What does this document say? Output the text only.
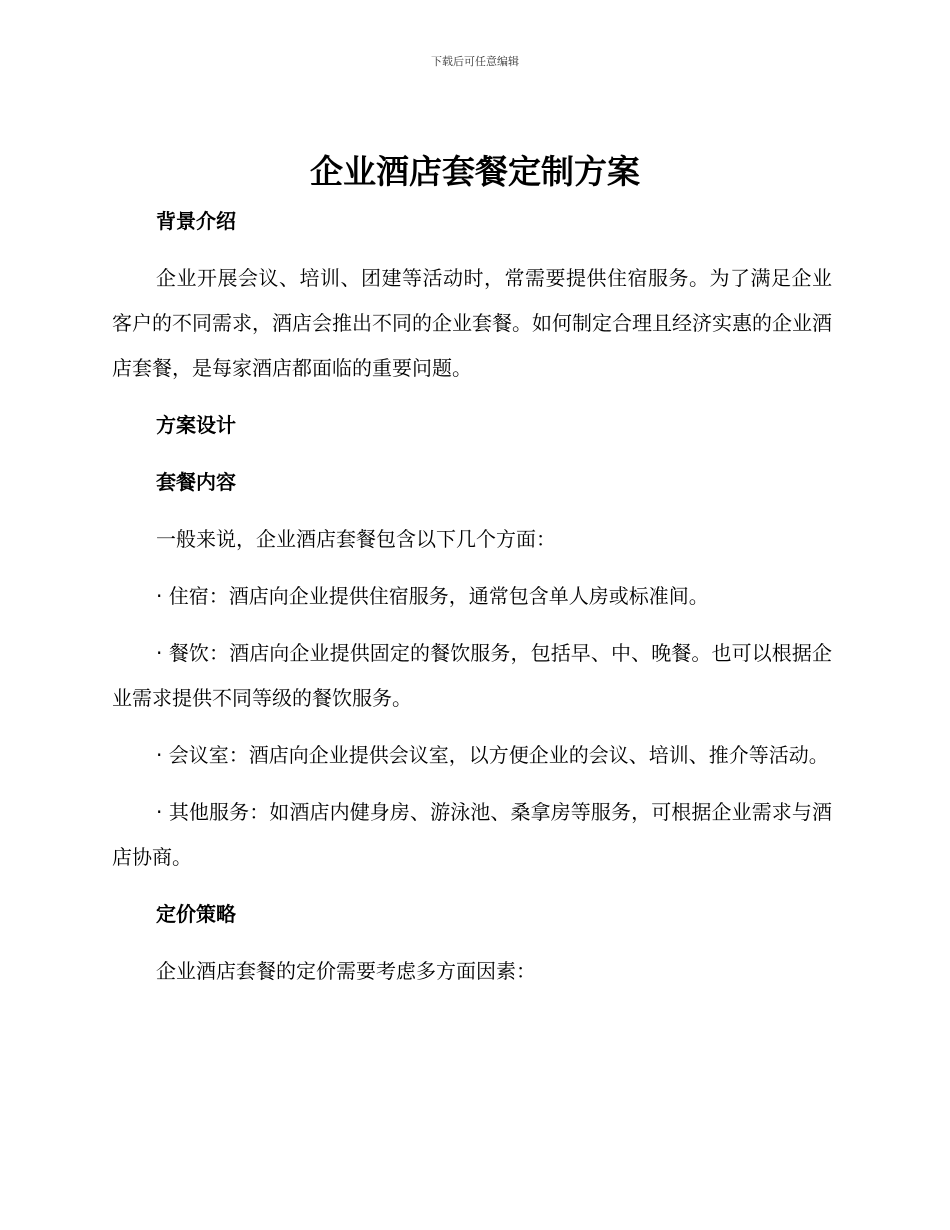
下载后可任意编辑
企业酒店套餐定制方案

背景介绍

企业开展会议、培训、团建等活动时，常需要提供住宿服务。为了满足企业客户的不同需求，酒店会推出不同的企业套餐。如何制定合理且经济实惠的企业酒店套餐，是每家酒店都面临的重要问题。

方案设计

套餐内容

一般来说，企业酒店套餐包含以下几个方面：

· 住宿：酒店向企业提供住宿服务，通常包含单人房或标准间。

· 餐饮：酒店向企业提供固定的餐饮服务，包括早、中、晚餐。也可以根据企业需求提供不同等级的餐饮服务。

· 会议室：酒店向企业提供会议室，以方便企业的会议、培训、推介等活动。

· 其他服务：如酒店内健身房、游泳池、桑拿房等服务，可根据企业需求与酒店协商。

定价策略

企业酒店套餐的定价需要考虑多方面因素：
